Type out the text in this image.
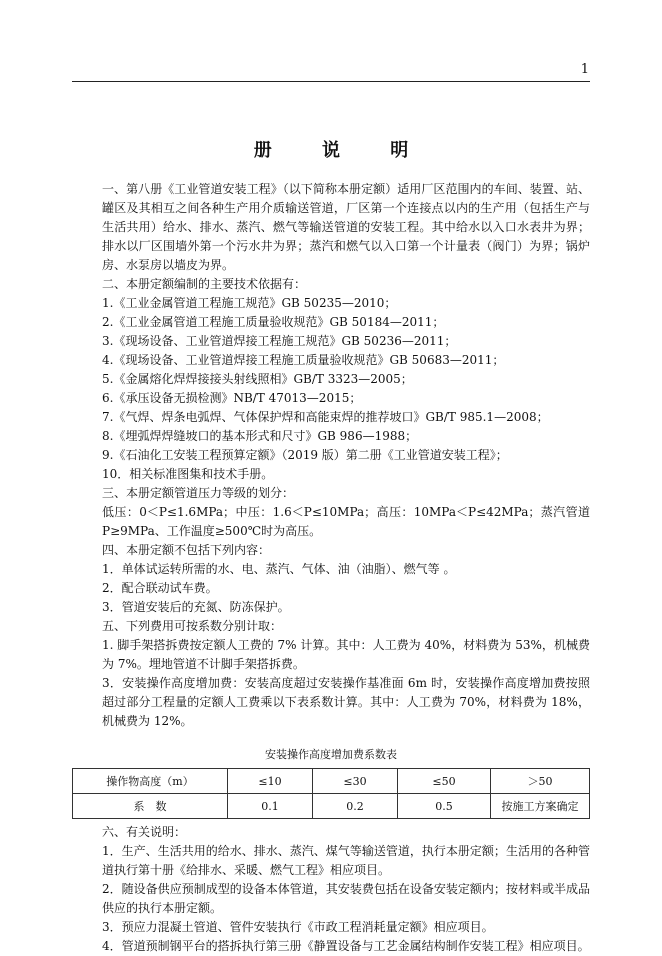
1
册 说 明

一、第八册《工业管道安装工程》（以下简称本册定额）适用厂区范围内的车间、装置、站、罐区及其相互之间各种生产用介质输送管道，厂区第一个连接点以内的生产用（包括生产与生活共用）给水、排水、蒸汽、燃气等输送管道的安装工程。其中给水以入口水表井为界；排水以厂区围墙外第一个污水井为界；蒸汽和燃气以入口第一个计量表（阀门）为界；锅炉房、水泵房以墙皮为界。

二、本册定额编制的主要技术依据有：

1.《工业金属管道工程施工规范》GB 50235—2010；

2.《工业金属管道工程施工质量验收规范》GB 50184—2011；

3.《现场设备、工业管道焊接工程施工规范》GB 50236—2011；

4.《现场设备、工业管道焊接工程施工质量验收规范》GB 50683—2011；

5.《金属熔化焊焊接接头射线照相》GB/T 3323—2005；

6.《承压设备无损检测》NB/T 47013—2015；

7.《气焊、焊条电弧焊、气体保护焊和高能束焊的推荐坡口》GB/T 985.1—2008；

8.《埋弧焊焊缝坡口的基本形式和尺寸》GB 986—1988；

9.《石油化工安装工程预算定额》（2019 版）第二册《工业管道安装工程》；

10．相关标准图集和技术手册。

三、本册定额管道压力等级的划分：

低压：0＜P≤1.6MPa；中压：1.6＜P≤10MPa；高压：10MPa＜P≤42MPa；蒸汽管道 P≥9MPa、工作温度≥500℃时为高压。

四、本册定额不包括下列内容：

1．单体试运转所需的水、电、蒸汽、气体、油（油脂）、燃气等 。

2．配合联动试车费。

3．管道安装后的充氮、防冻保护。

五、下列费用可按系数分别计取：

1. 脚手架搭拆费按定额人工费的 7% 计算。其中：人工费为 40%，材料费为 53%，机械费为 7%。埋地管道不计脚手架搭拆费。

3．安装操作高度增加费：安装高度超过安装操作基准面 6m 时，安装操作高度增加费按照超过部分工程量的定额人工费乘以下表系数计算。其中：人工费为 70%，材料费为 18%，机械费为 12%。

安装操作高度增加费系数表
操作物高度（m）	≤10	≤30	≤50	＞50
系　数	0.1	0.2	0.5	按施工方案确定

六、有关说明：

1．生产、生活共用的给水、排水、蒸汽、煤气等输送管道，执行本册定额；生活用的各种管道执行第十册《给排水、采暖、燃气工程》相应项目。

2．随设备供应预制成型的设备本体管道，其安装费包括在设备安装定额内；按材料或半成品供应的执行本册定额。

3．预应力混凝土管道、管件安装执行《市政工程消耗量定额》相应项目。

4．管道预制钢平台的搭拆执行第三册《静置设备与工艺金属结构制作安装工程》相应项目。
